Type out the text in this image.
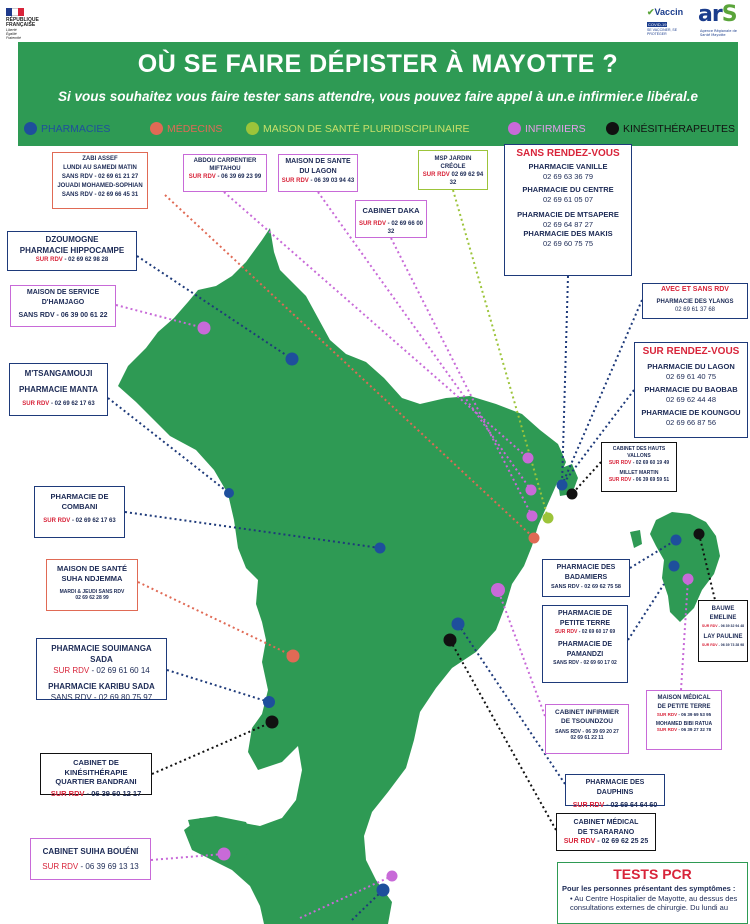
RÉPUBLIQUE
FRANÇAISE
Liberté
Égalité
Fraternité
✔Vaccin COVID-19
SE VACCINER, SE PROTÉGER
arS
Agence Régionale de Santé Mayotte
OÙ SE FAIRE DÉPISTER À MAYOTTE ?
Si vous souhaitez vous faire tester sans attendre, vous pouvez faire appel à un.e infirmier.e libéral.e
PHARMACIES	MÉDECINS	MAISON DE SANTÉ PLURIDISCIPLINAIRE	INFIRMIERS	KINÉSITHÉRAPEUTES
ZABI ASSEF
LUNDI AU SAMEDI MATIN
SANS RDV - 02 69 61 21 27
JOUADI MOHAMED-SOPHIAN
SANS RDV - 02 69 66 45 31
ABDOU CARPENTIER
MIFTAHOU
SUR RDV - 06 39 69 23 99
MAISON DE SANTE
DU LAGON
SUR RDV - 06 39 03 94 43
MSP JARDIN
CRÉOLE
SUR RDV 02 69 62 94 32
CABINET DAKA
SUR RDV - 02 69 66 00 32
DZOUMOGNE
PHARMACIE HIPPOCAMPE
SUR RDV - 02 69 62 98 28
MAISON DE SERVICE
D'HAMJAGO
SANS RDV - 06 39 00 61 22
M'TSANGAMOUJI
PHARMACIE MANTA
SUR RDV - 02 69 62 17 63
PHARMACIE DE
COMBANI
SUR RDV - 02 69 62 17 63
MAISON DE SANTÉ
SUHA NDJEMMA
MARDI & JEUDI SANS RDV
02 69 62 28 99
PHARMACIE SOUIMANGA SADA
SUR RDV - 02 69 61 60 14
PHARMACIE KARIBU SADA
SANS RDV - 02 69 80 75 97
CABINET DE KINÉSITHÉRAPIE
QUARTIER BANDRANI
SUR RDV - 06 39 60 12 17
CABINET SUIHA BOUÉNI
SUR RDV - 06 39 69 13 13
SANS RENDEZ-VOUS
PHARMACIE VANILLE
02 69 63 36 79
PHARMACIE DU CENTRE
02 69 61 05 07
PHARMACIE DE MTSAPERE
02 69 64 87 27
PHARMACIE DES MAKIS
02 69 60 75 75
AVEC ET SANS RDV
PHARMACIE DES YLANGS
02 69 61 37 68
SUR RENDEZ-VOUS
PHARMACIE DU LAGON
02 69 61 40 75
PHARMACIE DU BAOBAB
02 69 62 44 48
PHARMACIE DE KOUNGOU
02 69 66 87 56
CABINET DES HAUTS
VALLONS
SUR RDV - 02 69 60 19 49
MILLET MARTIN
SUR RDV - 06 39 69 59 51
PHARMACIE DES
BADAMIERS
SANS RDV - 02 69 62 75 58
PHARMACIE DE
PETITE TERRE
SUR RDV - 02 69 60 17 69
PHARMACIE DE
PAMANDZI
SANS RDV - 02 69 60 17 02
BAUWE
EMELINE
SUR RDV - 06 39 32 94 48
LAY PAULINE
SUR RDV - 06 39 73 28 98
MAISON MÉDICAL
DE PETITE TERRE
SUR RDV - 06 39 69 53 95
MOHAMED BIBI RATUA
SUR RDV - 06 39 27 32 78
CABINET INFIRMIER
DE TSOUNDZOU
SANS RDV - 06 39 69 20 27
02 69 61 22 11
PHARMACIE DES DAUPHINS
SUR RDV - 02 69 64 64 60
CABINET MÉDICAL
DE TSARARANO
SUR RDV - 02 69 62 25 25
TESTS PCR
Pour les personnes présentant des symptômes :
• Au Centre Hospitalier de Mayotte, au dessus des consultations externes de chirurgie. Du lundi au
